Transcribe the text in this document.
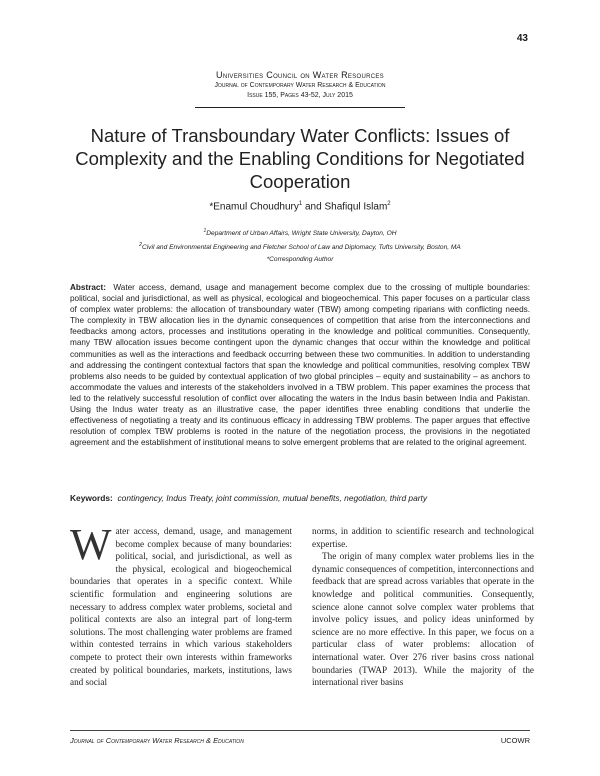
43
Universities Council on Water Resources
Journal of Contemporary Water Research & Education
Issue 155, Pages 43-52, July 2015
Nature of Transboundary Water Conflicts: Issues of Complexity and the Enabling Conditions for Negotiated Cooperation
*Enamul Choudhury$^1$ and Shafiqul Islam$^2$
$^1$Department of Urban Affairs, Wright State University, Dayton, OH
$^2$Civil and Environmental Engineering and Fletcher School of Law and Diplomacy, Tufts University, Boston, MA
*Corresponding Author
Abstract: Water access, demand, usage and management become complex due to the crossing of multiple boundaries: political, social and jurisdictional, as well as physical, ecological and biogeochemical. This paper focuses on a particular class of complex water problems: the allocation of transboundary water (TBW) among competing riparians with conflicting needs. The complexity in TBW allocation lies in the dynamic consequences of competition that arise from the interconnections and feedbacks among actors, processes and institutions operating in the knowledge and political communities. Consequently, many TBW allocation issues become contingent upon the dynamic changes that occur within the knowledge and political communities as well as the interactions and feedback occurring between these two communities. In addition to understanding and addressing the contingent contextual factors that span the knowledge and political communities, resolving complex TBW problems also needs to be guided by contextual application of two global principles – equity and sustainability – as anchors to accommodate the values and interests of the stakeholders involved in a TBW problem. This paper examines the process that led to the relatively successful resolution of conflict over allocating the waters in the Indus basin between India and Pakistan. Using the Indus water treaty as an illustrative case, the paper identifies three enabling conditions that underlie the effectiveness of negotiating a treaty and its continuous efficacy in addressing TBW problems. The paper argues that effective resolution of complex TBW problems is rooted in the nature of the negotiation process, the provisions in the negotiated agreement and the establishment of institutional means to solve emergent problems that are related to the original agreement.
Keywords: contingency, Indus Treaty, joint commission, mutual benefits, negotiation, third party
W ater access, demand, usage, and management become complex because of many boundaries: political, social, and jurisdictional, as well as the physical, ecological and biogeochemical boundaries that operates in a specific context. While scientific formulation and engineering solutions are necessary to address complex water problems, societal and political contexts are also an integral part of long-term solutions. The most challenging water problems are framed within contested terrains in which various stakeholders compete to protect their own interests within frameworks created by political boundaries, markets, institutions, laws and social

norms, in addition to scientific research and technological expertise.

The origin of many complex water problems lies in the dynamic consequences of competition, interconnections and feedback that are spread across variables that operate in the knowledge and political communities. Consequently, science alone cannot solve complex water problems that involve policy issues, and policy ideas uninformed by science are no more effective. In this paper, we focus on a particular class of water problems: allocation of international water. Over 276 river basins cross national boundaries (TWAP 2013). While the majority of the international river basins

Journal of Contemporary Water Research & Education	UCOWR
